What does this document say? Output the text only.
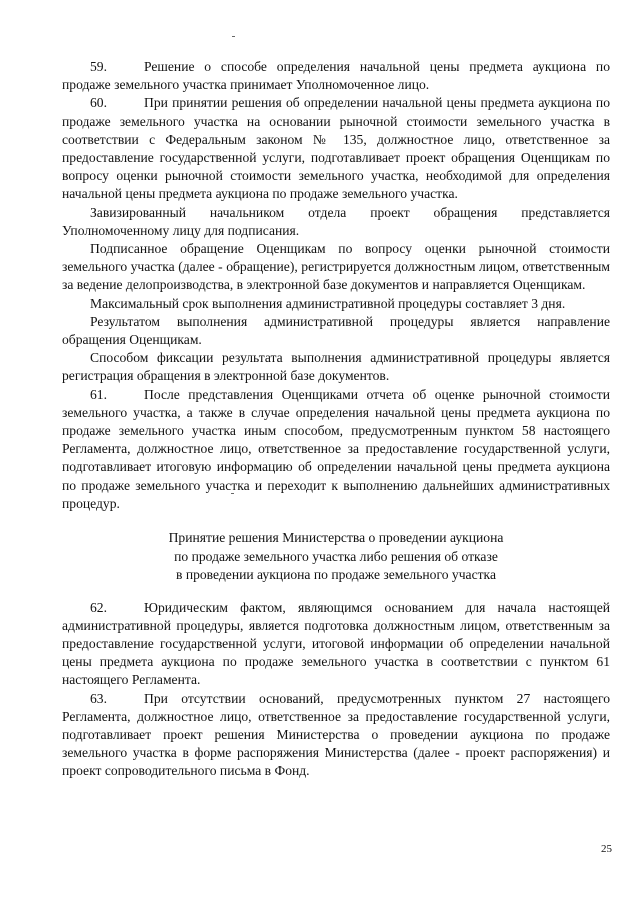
59.	Решение о способе определения начальной цены предмета аукциона по продаже земельного участка принимает Уполномоченное лицо.

60.	При принятии решения об определении начальной цены предмета аукциона по продаже земельного участка на основании рыночной стоимости земельного участка в соответствии с Федеральным законом № 135, должностное лицо, ответственное за предоставление государственной услуги, подготавливает проект обращения Оценщикам по вопросу оценки рыночной стоимости земельного участка, необходимой для определения начальной цены предмета аукциона по продаже земельного участка.

Завизированный начальником отдела проект обращения представляется Уполномоченному лицу для подписания.

Подписанное обращение Оценщикам по вопросу оценки рыночной стоимости земельного участка (далее - обращение), регистрируется должностным лицом, ответственным за ведение делопроизводства, в электронной базе документов и направляется Оценщикам.

Максимальный срок выполнения административной процедуры составляет 3 дня.

Результатом выполнения административной процедуры является направление обращения Оценщикам.

Способом фиксации результата выполнения административной процедуры является регистрация обращения в электронной базе документов.

61.	После представления Оценщиками отчета об оценке рыночной стоимости земельного участка, а также в случае определения начальной цены предмета аукциона по продаже земельного участка иным способом, предусмотренным пунктом 58 настоящего Регламента, должностное лицо, ответственное за предоставление государственной услуги, подготавливает итоговую информацию об определении начальной цены предмета аукциона по продаже земельного участка и переходит к выполнению дальнейших административных процедур.

Принятие решения Министерства о проведении аукциона
по продаже земельного участка либо решения об отказе
в проведении аукциона по продаже земельного участка

62.	Юридическим фактом, являющимся основанием для начала настоящей административной процедуры, является подготовка должностным лицом, ответственным за предоставление государственной услуги, итоговой информации об определении начальной цены предмета аукциона по продаже земельного участка в соответствии с пунктом 61 настоящего Регламента.

63.	При отсутствии оснований, предусмотренных пунктом 27 настоящего Регламента, должностное лицо, ответственное за предоставление государственной услуги, подготавливает проект решения Министерства о проведении аукциона по продаже земельного участка в форме распоряжения Министерства (далее - проект распоряжения) и проект сопроводительного письма в Фонд.

25
